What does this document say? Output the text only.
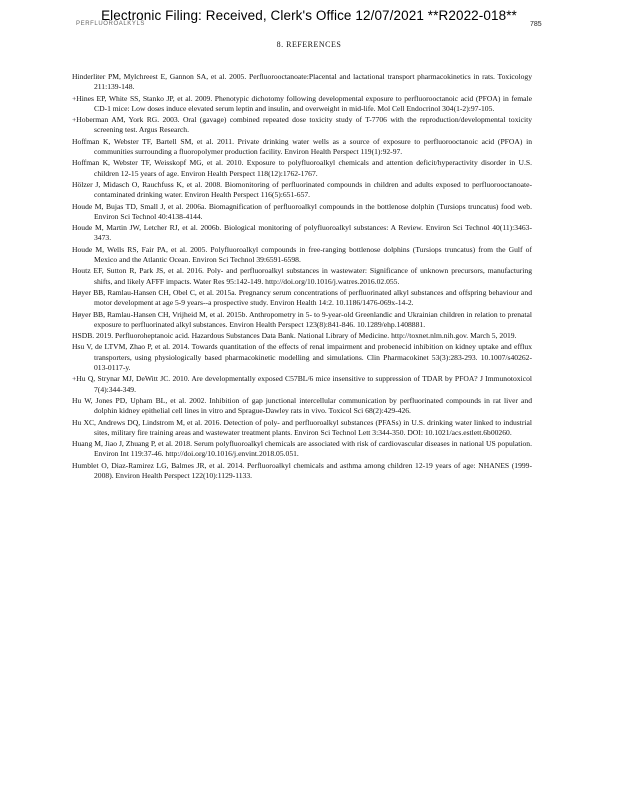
Electronic Filing: Received, Clerk's Office 12/07/2021 **R2022-018**
PERFLUOROALKYLS	785
8. REFERENCES
Hinderliter PM, Mylchreest E, Gannon SA, et al. 2005. Perfluorooctanoate:Placental and lactational transport pharmacokinetics in rats. Toxicology 211:139-148.
+Hines EP, White SS, Stanko JP, et al. 2009. Phenotypic dichotomy following developmental exposure to perfluorooctanoic acid (PFOA) in female CD-1 mice: Low doses induce elevated serum leptin and insulin, and overweight in mid-life. Mol Cell Endocrinol 304(1-2):97-105.
+Hoberman AM, York RG. 2003. Oral (gavage) combined repeated dose toxicity study of T-7706 with the reproduction/developmental toxicity screening test. Argus Research.
Hoffman K, Webster TF, Bartell SM, et al. 2011. Private drinking water wells as a source of exposure to perfluorooctanoic acid (PFOA) in communities surrounding a fluoropolymer production facility. Environ Health Perspect 119(1):92-97.
Hoffman K, Webster TF, Weisskopf MG, et al. 2010. Exposure to polyfluoroalkyl chemicals and attention deficit/hyperactivity disorder in U.S. children 12-15 years of age. Environ Health Perspect 118(12):1762-1767.
Hölzer J, Midasch O, Rauchfuss K, et al. 2008. Biomonitoring of perfluorinated compounds in children and adults exposed to perfluorooctanoate-contaminated drinking water. Environ Health Perspect 116(5):651-657.
Houde M, Bujas TD, Small J, et al. 2006a. Biomagnification of perfluoroalkyl compounds in the bottlenose dolphin (Tursiops truncatus) food web. Environ Sci Technol 40:4138-4144.
Houde M, Martin JW, Letcher RJ, et al. 2006b. Biological monitoring of polyfluoroalkyl substances: A Review. Environ Sci Technol 40(11):3463-3473.
Houde M, Wells RS, Fair PA, et al. 2005. Polyfluoroalkyl compounds in free-ranging bottlenose dolphins (Tursiops truncatus) from the Gulf of Mexico and the Atlantic Ocean. Environ Sci Technol 39:6591-6598.
Houtz EF, Sutton R, Park JS, et al. 2016. Poly- and perfluoroalkyl substances in wastewater: Significance of unknown precursors, manufacturing shifts, and likely AFFF impacts. Water Res 95:142-149. http://doi.org/10.1016/j.watres.2016.02.055.
Høyer BB, Ramlau-Hansen CH, Obel C, et al. 2015a. Pregnancy serum concentrations of perfluorinated alkyl substances and offspring behaviour and motor development at age 5-9 years--a prospective study. Environ Health 14:2. 10.1186/1476-069x-14-2.
Høyer BB, Ramlau-Hansen CH, Vrijheid M, et al. 2015b. Anthropometry in 5- to 9-year-old Greenlandic and Ukrainian children in relation to prenatal exposure to perfluorinated alkyl substances. Environ Health Perspect 123(8):841-846. 10.1289/ehp.1408881.
HSDB. 2019. Perfluoroheptanoic acid. Hazardous Substances Data Bank. National Library of Medicine. http://toxnet.nlm.nih.gov. March 5, 2019.
Hsu V, de LTVM, Zhao P, et al. 2014. Towards quantitation of the effects of renal impairment and probenecid inhibition on kidney uptake and efflux transporters, using physiologically based pharmacokinetic modelling and simulations. Clin Pharmacokinet 53(3):283-293. 10.1007/s40262-013-0117-y.
+Hu Q, Strynar MJ, DeWitt JC. 2010. Are developmentally exposed C57BL/6 mice insensitive to suppression of TDAR by PFOA? J Immunotoxicol 7(4):344-349.
Hu W, Jones PD, Upham BL, et al. 2002. Inhibition of gap junctional intercellular communication by perfluorinated compounds in rat liver and dolphin kidney epithelial cell lines in vitro and Sprague-Dawley rats in vivo. Toxicol Sci 68(2):429-426.
Hu XC, Andrews DQ, Lindstrom M, et al. 2016. Detection of poly- and perfluoroalkyl substances (PFASs) in U.S. drinking water linked to industrial sites, military fire training areas and wastewater treatment plants. Environ Sci Technol Lett 3:344-350. DOI: 10.1021/acs.estlett.6b00260.
Huang M, Jiao J, Zhuang P, et al. 2018. Serum polyfluoroalkyl chemicals are associated with risk of cardiovascular diseases in national US population. Environ Int 119:37-46. http://doi.org/10.1016/j.envint.2018.05.051.
Humblet O, Diaz-Ramirez LG, Balmes JR, et al. 2014. Perfluoroalkyl chemicals and asthma among children 12-19 years of age: NHANES (1999-2008). Environ Health Perspect 122(10):1129-1133.
